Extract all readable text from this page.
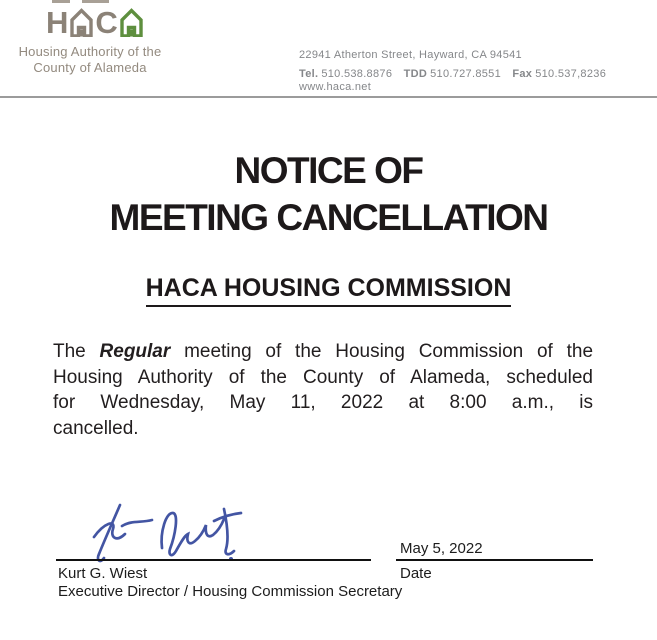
H C
Housing Authority of the
County of Alameda
22941 Atherton Street, Hayward, CA 94541
Tel. 510.538.8876 TDD 510.727.8551 Fax 510.537,8236 www.haca.net
NOTICE OF
MEETING CANCELLATION
HACA HOUSING COMMISSION
The Regular meeting of the Housing Commission of the
Housing Authority of the County of Alameda, scheduled
for Wednesday, May 11, 2022 at 8:00 a.m., is
cancelled.
Kurt G. Wiest
Executive Director / Housing Commission Secretary
May 5, 2022
Date
